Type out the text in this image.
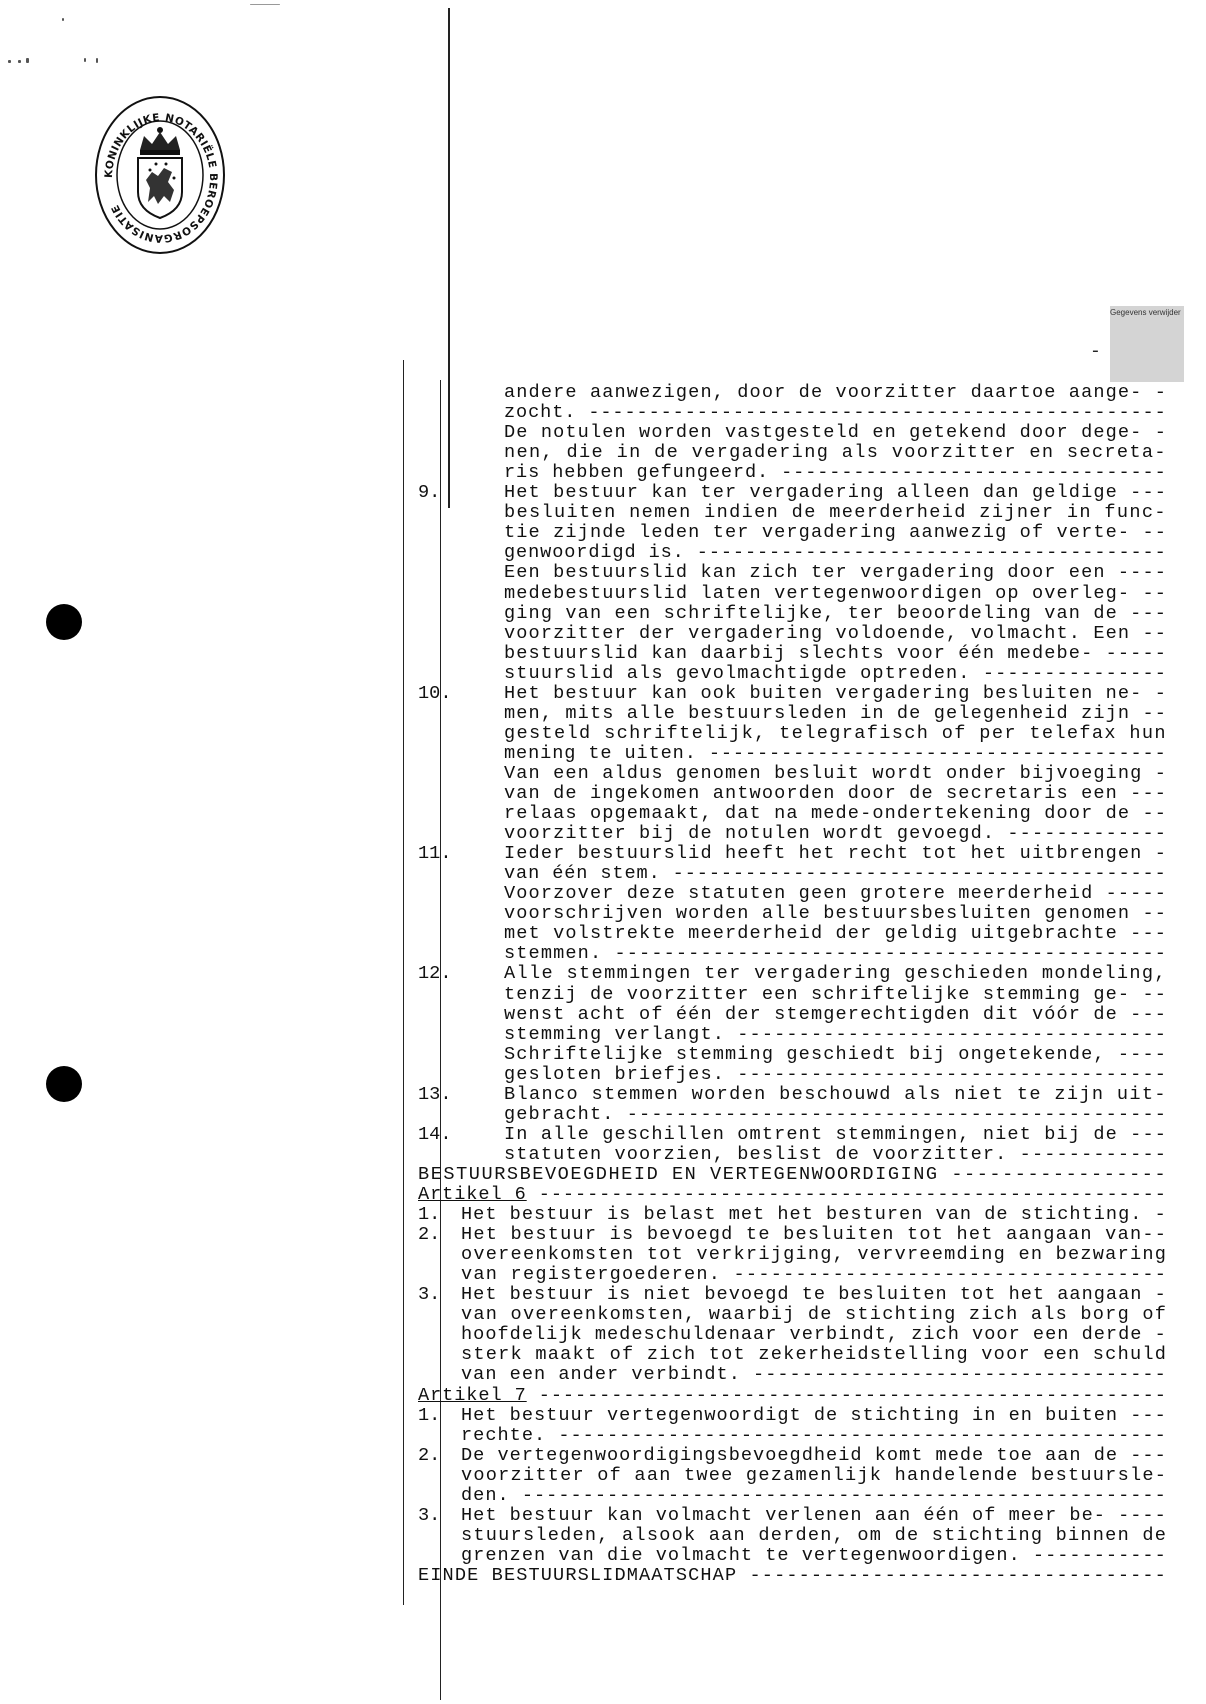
KONINKLIJKE NOTARIËLE BEROEPSORGANISATIE
Gegevens verwijder
-
andere aanwezigen, door de voorzitter daartoe aange- -
zocht. ------------------------------------------------
De notulen worden vastgesteld en getekend door dege- -
nen, die in de vergadering als voorzitter en secreta-
ris hebben gefungeerd. --------------------------------
9.	Het bestuur kan ter vergadering alleen dan geldige ---
besluiten nemen indien de meerderheid zijner in func-
tie zijnde leden ter vergadering aanwezig of verte- --
genwoordigd is. ---------------------------------------
Een bestuurslid kan zich ter vergadering door een ----
medebestuurslid laten vertegenwoordigen op overleg- --
ging van een schriftelijke, ter beoordeling van de ---
voorzitter der vergadering voldoende, volmacht. Een --
bestuurslid kan daarbij slechts voor één medebe- -----
stuurslid als gevolmachtigde optreden. ---------------
10.	Het bestuur kan ook buiten vergadering besluiten ne- -
men, mits alle bestuursleden in de gelegenheid zijn --
gesteld schriftelijk, telegrafisch of per telefax hun
mening te uiten. --------------------------------------
Van een aldus genomen besluit wordt onder bijvoeging -
van de ingekomen antwoorden door de secretaris een ---
relaas opgemaakt, dat na mede-ondertekening door de --
voorzitter bij de notulen wordt gevoegd. -------------
11.	Ieder bestuurslid heeft het recht tot het uitbrengen -
van één stem. -----------------------------------------
Voorzover deze statuten geen grotere meerderheid -----
voorschrijven worden alle bestuursbesluiten genomen --
met volstrekte meerderheid der geldig uitgebrachte ---
stemmen. ---------------------------------------------
12.	Alle stemmingen ter vergadering geschieden mondeling,
tenzij de voorzitter een schriftelijke stemming ge- --
wenst acht of één der stemgerechtigden dit vóór de ---
stemming verlangt. -----------------------------------
Schriftelijke stemming geschiedt bij ongetekende, ----
gesloten briefjes. -----------------------------------
13.	Blanco stemmen worden beschouwd als niet te zijn uit-
gebracht. --------------------------------------------
14.	In alle geschillen omtrent stemmingen, niet bij de ---
statuten voorzien, beslist de voorzitter. ------------
BESTUURSBEVOEGDHEID EN VERTEGENWOORDIGING -----------------
Artikel 6 ----------------------------------------------------
1. Het bestuur is belast met het besturen van de stichting. -
2. Het bestuur is bevoegd te besluiten tot het aangaan van--
overeenkomsten tot verkrijging, vervreemding en bezwaring
van registergoederen. -----------------------------------
3. Het bestuur is niet bevoegd te besluiten tot het aangaan -
van overeenkomsten, waarbij de stichting zich als borg of
hoofdelijk medeschuldenaar verbindt, zich voor een derde -
sterk maakt of zich tot zekerheidstelling voor een schuld
van een ander verbindt. ----------------------------------
Artikel 7 ----------------------------------------------------
1. Het bestuur vertegenwoordigt de stichting in en buiten ---
rechte. --------------------------------------------------
2. De vertegenwoordigingsbevoegdheid komt mede toe aan de ---
voorzitter of aan twee gezamenlijk handelende bestuursle-
den. -----------------------------------------------------
3. Het bestuur kan volmacht verlenen aan één of meer be- ----
stuursleden, alsook aan derden, om de stichting binnen de
grenzen van die volmacht te vertegenwoordigen. -----------
EINDE BESTUURSLIDMAATSCHAP ----------------------------------
